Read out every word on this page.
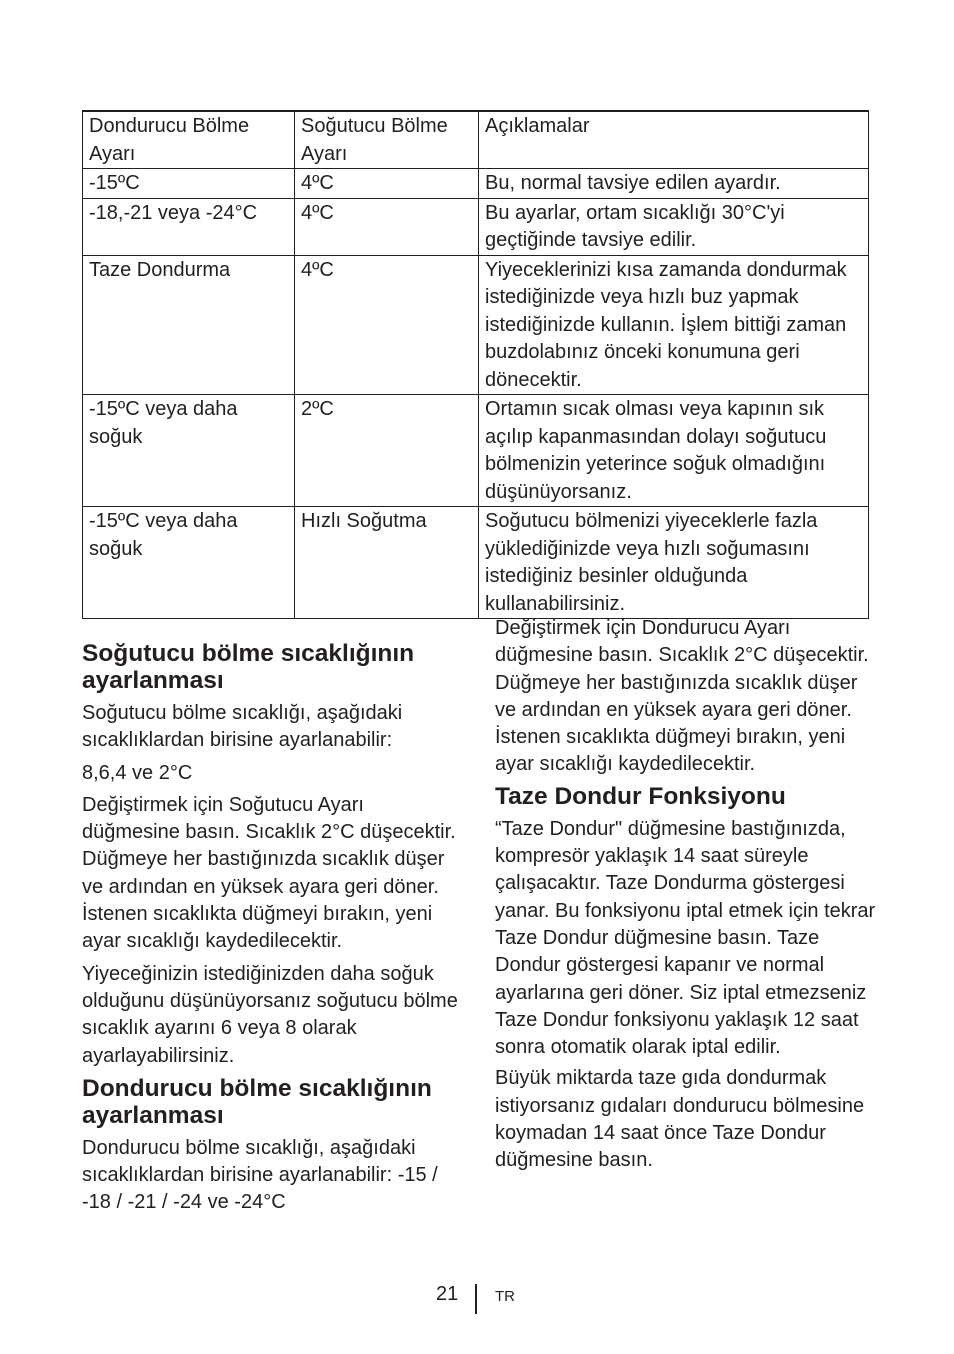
Dondurucu Bölme Ayarı	Soğutucu Bölme Ayarı	Açıklamalar
-15ºC	4ºC	Bu, normal tavsiye edilen ayardır.
-18,-21 veya -24°C	4ºC	Bu ayarlar, ortam sıcaklığı 30°C'yi geçtiğinde tavsiye edilir.
Taze Dondurma	4ºC	Yiyeceklerinizi kısa zamanda dondurmak istediğinizde veya hızlı buz yapmak istediğinizde kullanın. İşlem bittiği zaman buzdolabınız önceki konumuna geri dönecektir.
-15ºC veya daha soğuk	2ºC	Ortamın sıcak olması veya kapının sık açılıp kapanmasından dolayı soğutucu bölmenizin yeterince soğuk olmadığını düşünüyorsanız.
-15ºC veya daha soğuk	Hızlı Soğutma	Soğutucu bölmenizi yiyeceklerle fazla yüklediğinizde veya hızlı soğumasını istediğiniz besinler olduğunda kullanabilirsiniz.
Soğutucu bölme sıcaklığının ayarlanması

Soğutucu bölme sıcaklığı, aşağıdaki sıcaklıklardan birisine ayarlanabilir:

8,6,4 ve 2°C

Değiştirmek için Soğutucu Ayarı düğmesine basın. Sıcaklık 2°C düşecektir. Düğmeye her bastığınızda sıcaklık düşer ve ardından en yüksek ayara geri döner. İstenen sıcaklıkta düğmeyi bırakın, yeni ayar sıcaklığı kaydedilecektir.

Yiyeceğinizin istediğinizden daha soğuk olduğunu düşünüyorsanız soğutucu bölme sıcaklık ayarını 6 veya 8 olarak ayarlayabilirsiniz.

Dondurucu bölme sıcaklığının ayarlanması

Dondurucu bölme sıcaklığı, aşağıdaki sıcaklıklardan birisine ayarlanabilir: -15 / -18 / -21 / -24 ve -24°C

Değiştirmek için Dondurucu Ayarı düğmesine basın. Sıcaklık 2°C düşecektir. Düğmeye her bastığınızda sıcaklık düşer ve ardından en yüksek ayara geri döner. İstenen sıcaklıkta düğmeyi bırakın, yeni ayar sıcaklığı kaydedilecektir.

Taze Dondur Fonksiyonu

“Taze Dondur" düğmesine bastığınızda, kompresör yaklaşık 14 saat süreyle çalışacaktır. Taze Dondurma göstergesi yanar. Bu fonksiyonu iptal etmek için tekrar Taze Dondur düğmesine basın. Taze Dondur göstergesi kapanır ve normal ayarlarına geri döner. Siz iptal etmezseniz Taze Dondur fonksiyonu yaklaşık 12 saat sonra otomatik olarak iptal edilir.

Büyük miktarda taze gıda dondurmak istiyorsanız gıdaları dondurucu bölmesine koymadan 14 saat önce Taze Dondur düğmesine basın.

21 TR
